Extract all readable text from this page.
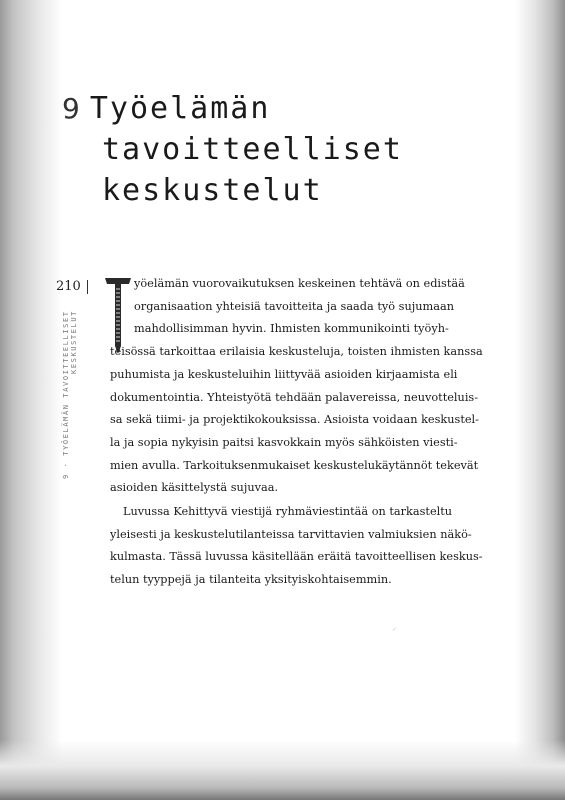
9 Työelämän
tavoitteelliset
keskustelut
210
9 · TYÖELÄMÄN TAVOITTEELLISET KESKUSTELUT
yöelämän vuorovaikutuksen keskeinen tehtävä on edistää
organisaation yhteisiä tavoitteita ja saada työ sujumaan
mahdollisimman hyvin. Ihmisten kommunikointi työyh-
teisössä tarkoittaa erilaisia keskusteluja, toisten ihmisten kanssa
puhumista ja keskusteluihin liittyvää asioiden kirjaamista eli
dokumentointia. Yhteistyötä tehdään palavereissa, neuvotteluis-
sa sekä tiimi- ja projektikokouksissa. Asioista voidaan keskustel-
la ja sopia nykyisin paitsi kasvokkain myös sähköisten viesti-
mien avulla. Tarkoituksenmukaiset keskustelukäytännöt tekevät
asioiden käsittelystä sujuvaa.
Luvussa Kehittyvä viestijä ryhmäviestintää on tarkasteltu
yleisesti ja keskustelutilanteissa tarvittavien valmiuksien näkö-
kulmasta. Tässä luvussa käsitellään eräitä tavoitteellisen keskus-
telun tyyppejä ja tilanteita yksityiskohtaisemmin.
⸝
